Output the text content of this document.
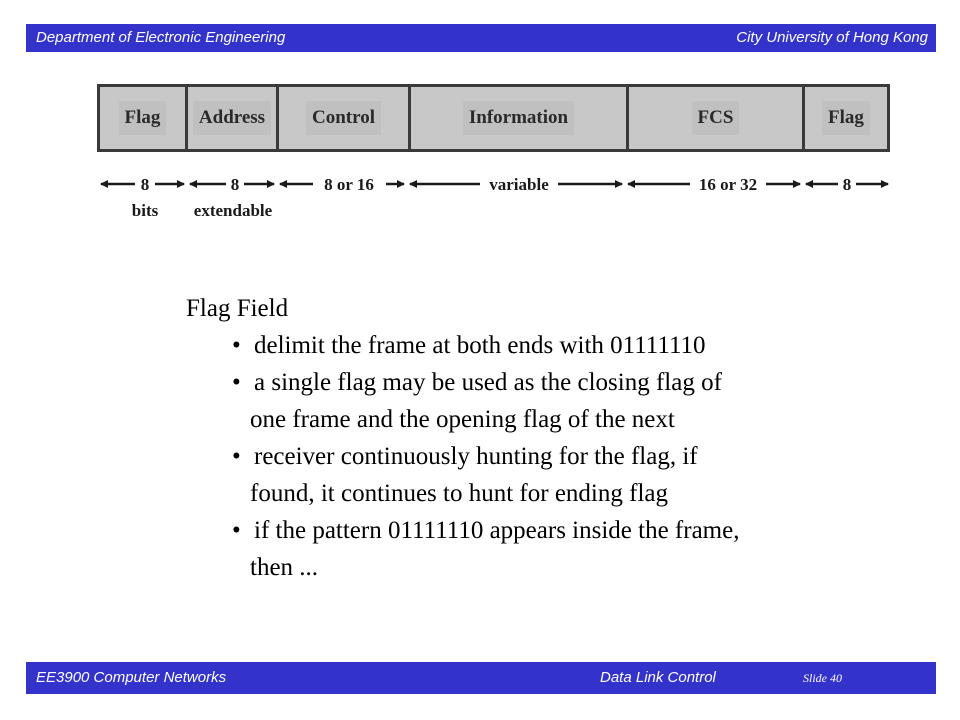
Department of Electronic Engineering	City University of Hong Kong
Flag	Address	Control	Information	FCS	Flag
8	8	8 or 16	variable	16 or 32	8
bits extendable
Flag Field
• delimit the frame at both ends with 01111110
• a single flag may be used as the closing flag of
one frame and the opening flag of the next
• receiver continuously hunting for the flag, if
found, it continues to hunt for ending flag
• if the pattern 01111110 appears inside the frame,
then ...
EE3900 Computer Networks	Data Link Control	Slide 40
